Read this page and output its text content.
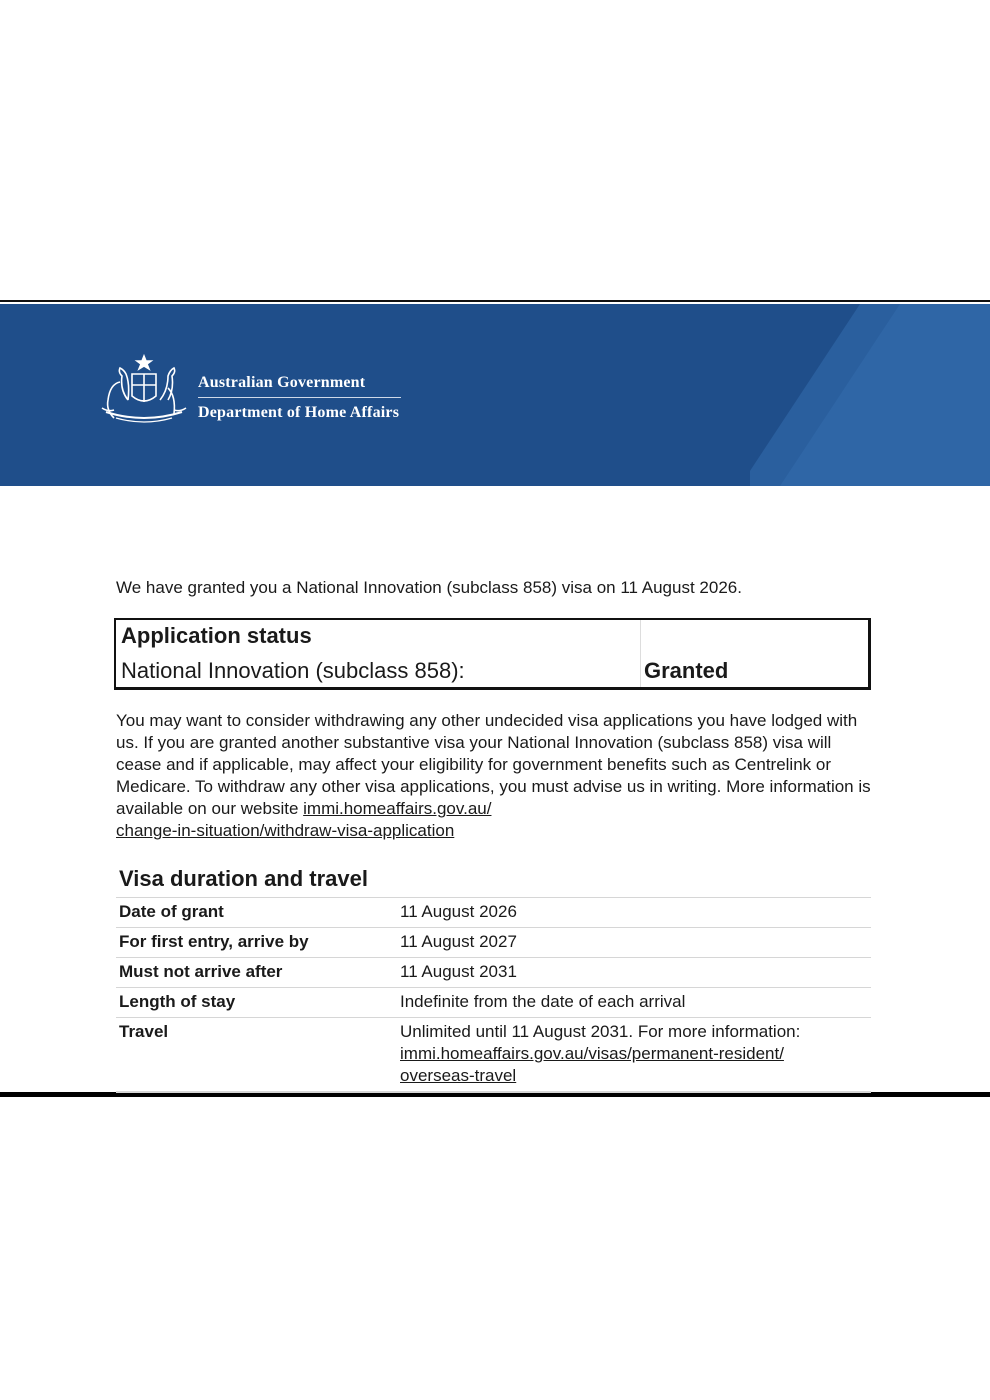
Australian Government
Department of Home Affairs
We have granted you a National Innovation (subclass 858) visa on 11 August 2026.
Application status
National Innovation (subclass 858):	Granted
You may want to consider withdrawing any other undecided visa applications you have lodged with us. If you are granted another substantive visa your National Innovation (subclass 858) visa will cease and if applicable, may affect your eligibility for government benefits such as Centrelink or Medicare. To withdraw any other visa applications, you must advise us in writing. More information is available on our website immi.homeaffairs.gov.au/
change-in-situation/withdraw-visa-application
Visa duration and travel
Date of grant	11 August 2026
For first entry, arrive by	11 August 2027
Must not arrive after	11 August 2031
Length of stay	Indefinite from the date of each arrival
Travel	Unlimited until 11 August 2031. For more information:
immi.homeaffairs.gov.au/visas/permanent-resident/
overseas-travel
